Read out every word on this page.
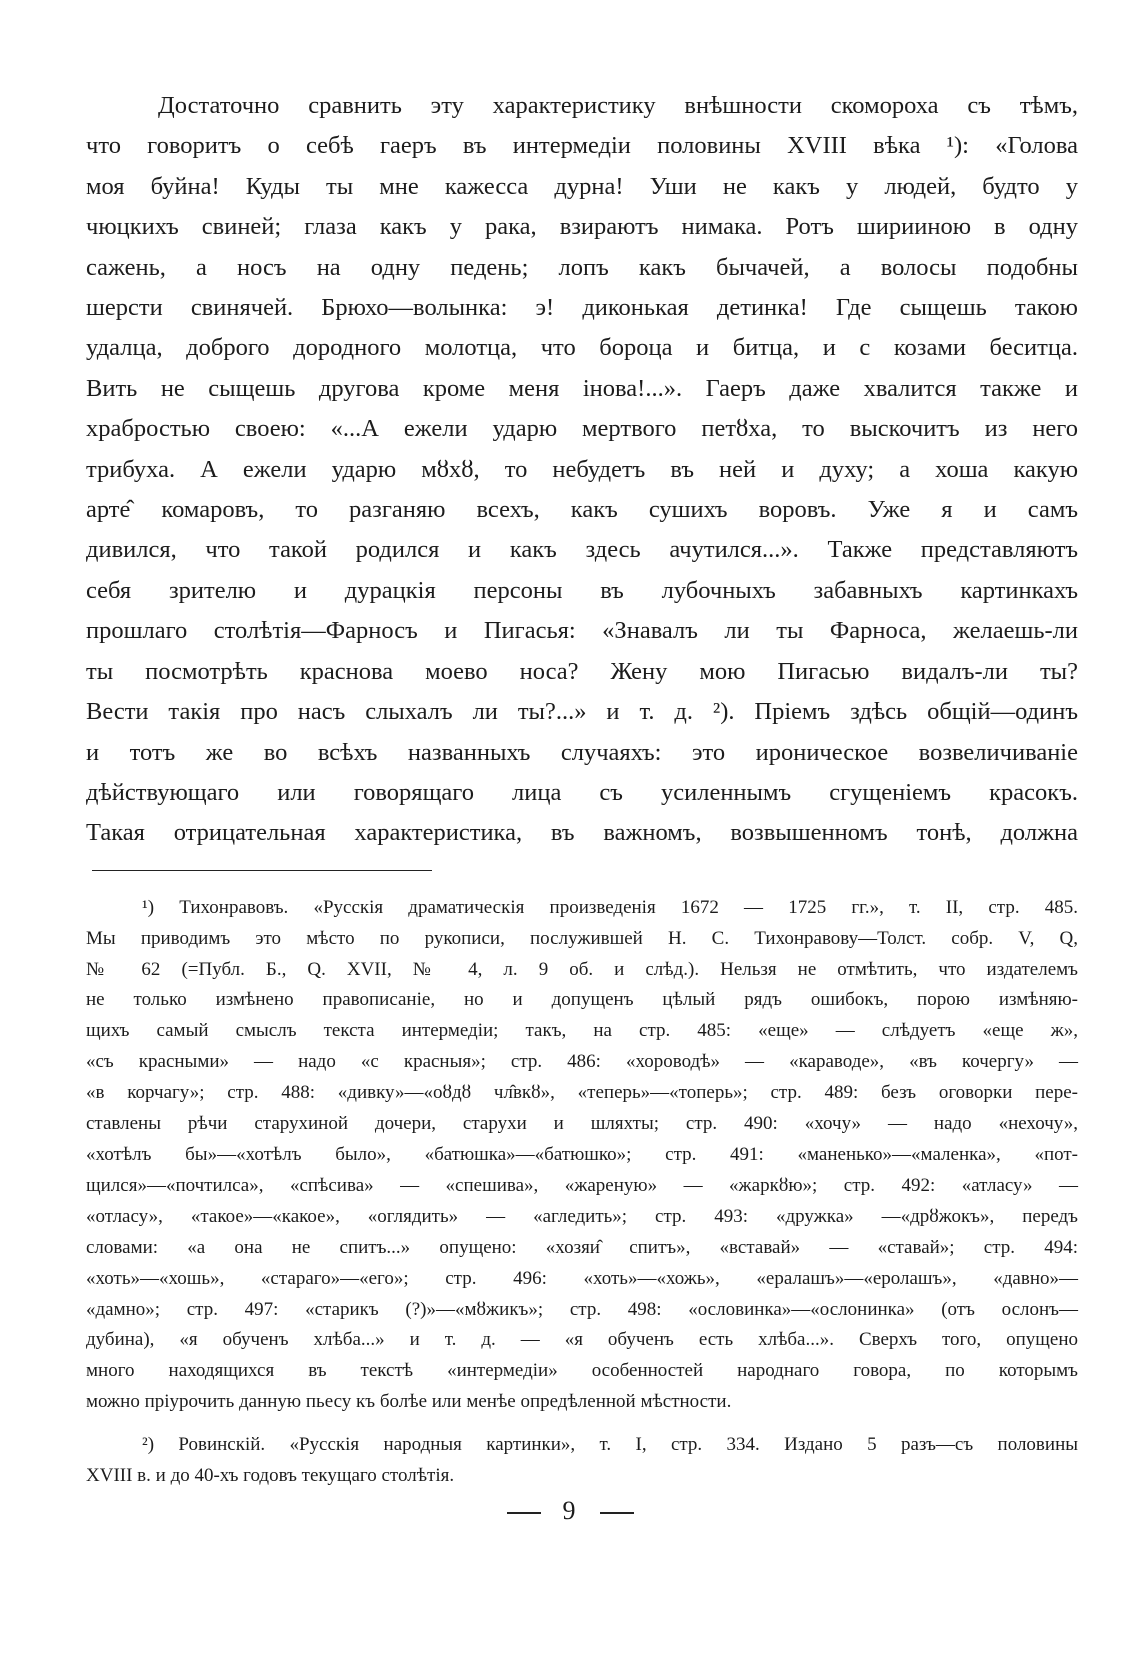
Достаточно сравнить эту характеристику внѣшности скомороха съ тѣмъ,
что говоритъ о себѣ гаеръ въ интермедіи половины XVIII вѣка ¹): «Голова
моя буйна! Куды ты мне кажесса дурна! Уши не какъ у людей, будто у
чюцкихъ свиней; глаза какъ у рака, взираютъ нимака. Ротъ ширииною в одну
сажень, а носъ на одну педень; лопъ какъ бычачей, а волосы подобны
шерсти свинячей. Брюхо—волынка: э! диконькая детинка! Где сыщешь такою
удалца, доброго дородного молотца, что бороца и битца, и с козами беситца.
Вить не сыщешь другова кроме меня інова!...». Гаеръ даже хвалится также и
храбростью своею: «...А ежели ударю мертвого петȣха, то выскочитъ из него
трибуха. А ежели ударю мȣхȣ, то небудетъ въ ней и духу; а хоша какую
арте̂ комаровъ, то разганяю всехъ, какъ сушихъ воровъ. Уже я и самъ
дивился, что такой родился и какъ здесь ачутился...». Также представляютъ
себя зрителю и дурацкія персоны въ лубочныхъ забавныхъ картинкахъ
прошлаго столѣтія—Фарносъ и Пигасья: «Знавалъ ли ты Фарноса, желаешь-ли
ты посмотрѣть краснова моево носа? Жену мою Пигасью видалъ-ли ты?
Вести такія про насъ слыхалъ ли ты?...» и т. д. ²). Пріемъ здѣсь общій—одинъ
и тотъ же во всѣхъ названныхъ случаяхъ: это ироническое возвеличиваніе
дѣйствующаго или говорящаго лица съ усиленнымъ сгущеніемъ красокъ.
Такая отрицательная характеристика, въ важномъ, возвышенномъ тонѣ, должна

¹) Тихонравовъ. «Русскія драматическія произведенія 1672 — 1725 гг.», т. II, стр. 485.
Мы приводимъ это мѣсто по рукописи, послужившей Н. С. Тихонравову—Толст. собр. V, Q,
№ 62 (=Публ. Б., Q. XVII, № 4, л. 9 об. и слѣд.). Нельзя не отмѣтить, что издателемъ
не только измѣнено правописаніе, но и допущенъ цѣлый рядъ ошибокъ, порою измѣняю-
щихъ самый смыслъ текста интермедіи; такъ, на стр. 485: «еще» — слѣдуетъ «еще ж»,
«съ красными» — надо «с красныя»; стр. 486: «хороводѣ» — «караводе», «въ кочергу» —
«в корчагу»; стр. 488: «дивку»—«оȣдȣ чл̂вкȣ», «теперь»—«топерь»; стр. 489: безъ оговорки пере-
ставлены рѣчи старухиной дочери, старухи и шляхты; стр. 490: «хочу» — надо «нехочу»,
«хотѣлъ бы»—«хотѣлъ было», «батюшка»—«батюшко»; стр. 491: «маненько»—«маленка», «пот-
щился»—«почтилса», «спѣсива» — «спешива», «жареную» — «жаркȣю»; стр. 492: «атласу» —
«отласу», «такое»—«какое», «оглядить» — «агледить»; стр. 493: «дружка» —«дрȣжокъ», передъ
словами: «а она не спитъ...» опущено: «хозяи̂ спитъ», «вставай» — «ставай»; стр. 494:
«хоть»—«хошь», «стараго»—«его»; стр. 496: «хоть»—«хожь», «ералашъ»—«еролашъ», «давно»—
«дамно»; стр. 497: «старикъ (?)»—«мȣжикъ»; стр. 498: «ословинка»—«ослонинка» (отъ ослонъ—
дубина), «я обученъ хлѣба...» и т. д. — «я обученъ есть хлѣба...». Сверхъ того, опущено
много находящихся въ текстѣ «интермедіи» особенностей народнаго говора, по которымъ
можно пріурочить данную пьесу къ болѣе или менѣе опредѣленной мѣстности.
²) Ровинскій. «Русскія народныя картинки», т. I, стр. 334. Издано 5 разъ—съ половины
XVIII в. и до 40-хъ годовъ текущаго столѣтія.
9
